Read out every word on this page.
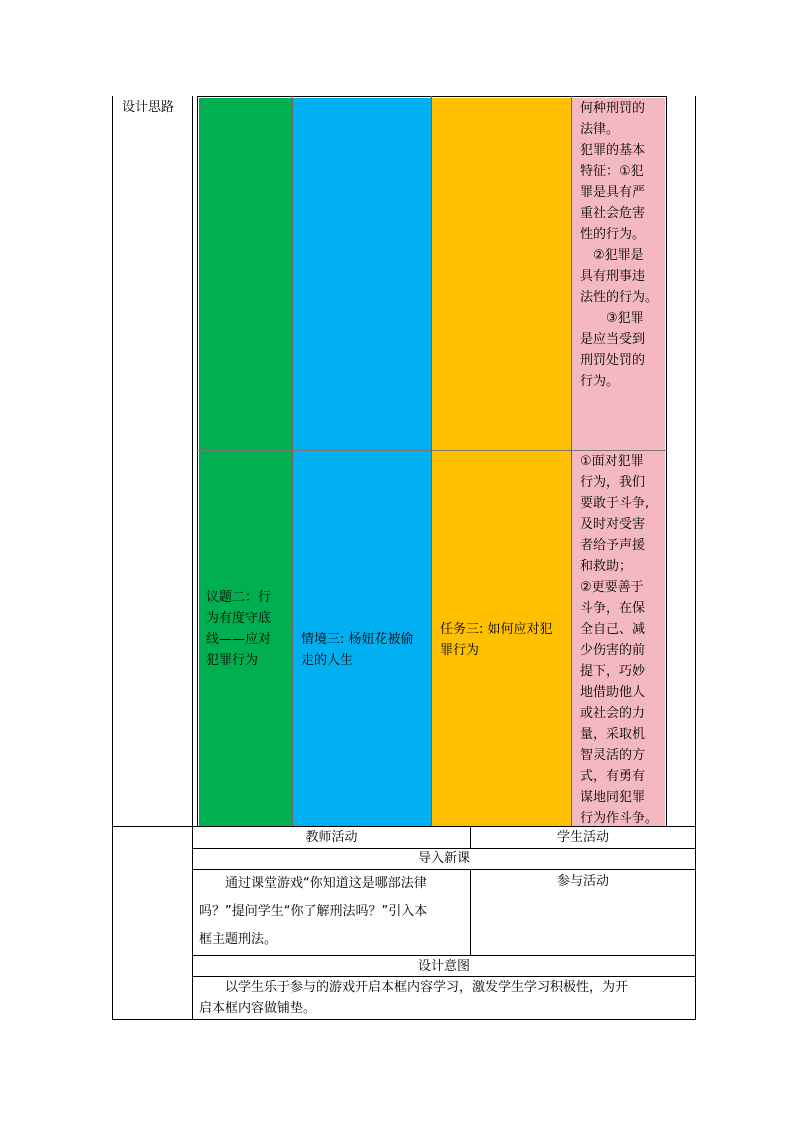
设计思路	何种刑罚的
法律。
犯罪的基本
特征：①犯
罪是具有严
重社会危害
性的行为。
　②犯罪是
具有刑事违
法性的行为。
　　③犯罪
是应当受到
刑罚处罚的
行为。
议题二：行
为有度守底
线——应对
犯罪行为
情境三: 杨妞花被偷
走的人生
任务三: 如何应对犯
罪行为
①面对犯罪
行为，我们
要敢于斗争,
及时对受害
者给予声援
和救助；
②更要善于
斗争，在保
全自己、减
少伤害的前
提下，巧妙
地借助他人
或社会的力
量，采取机
智灵活的方
式，有勇有
谋地同犯罪
行为作斗争。
教师活动	学生活动
导入新课
　　通过课堂游戏“你知道这是哪部法律
吗？”提问学生“你了解刑法吗？”引入本
框主题刑法。
参与活动
设计意图
　　以学生乐于参与的游戏开启本框内容学习，激发学生学习积极性，为开
启本框内容做铺垫。
